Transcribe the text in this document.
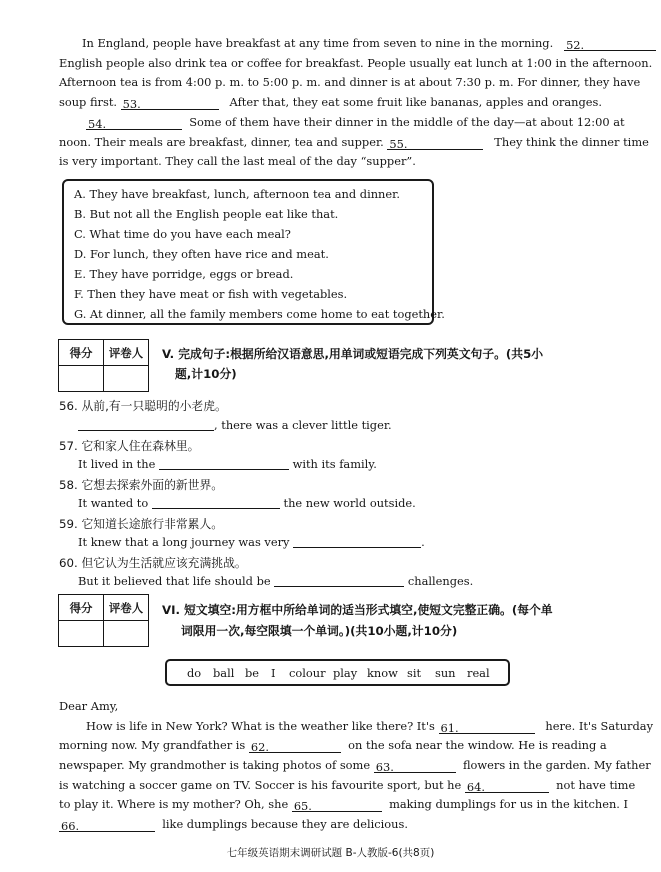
In England, people have breakfast at any time from seven to nine in the morning. 52.
English people also drink tea or coffee for breakfast. People usually eat lunch at 1:00 in the afternoon.
Afternoon tea is from 4:00 p. m. to 5:00 p. m. and dinner is at about 7:30 p. m. For dinner, they have
soup first. 53.	After that, they eat some fruit like bananas, apples and oranges.
54.	Some of them have their dinner in the middle of the day—at about 12:00 at
noon. Their meals are breakfast, dinner, tea and supper. 55.	They think the dinner time
is very important. They call the last meal of the day “supper”.
A. They have breakfast, lunch, afternoon tea and dinner.
B. But not all the English people eat like that.
C. What time do you have each meal?
D. For lunch, they often have rice and meat.
E. They have porridge, eggs or bread.
F. Then they have meat or fish with vegetables.
G. At dinner, all the family members come home to eat together.
得分	评卷人
	V. 完成句子:根据所给汉语意思,用单词或短语完成下列英文句子。(共5小
题,计10分)
56. 从前,有一只聪明的小老虎。
, there was a clever little tiger.
57. 它和家人住在森林里。
It lived in the	with its family.
58. 它想去探索外面的新世界。
It wanted to	the new world outside.
59. 它知道长途旅行非常累人。
It knew that a long journey was very	.
60. 但它认为生活就应该充满挑战。
But it believed that life should be	challenges.
得分	评卷人
	VI. 短文填空:用方框中所给单词的适当形式填空,使短文完整正确。(每个单
词限用一次,每空限填一个单词。)(共10小题,计10分)
do ball be I colour play know sit sun real
Dear Amy,
How is life in New York? What is the weather like there? It's 61.	here. It's Saturday
morning now. My grandfather is 62.	on the sofa near the window. He is reading a
newspaper. My grandmother is taking photos of some 63.	flowers in the garden. My father
is watching a soccer game on TV. Soccer is his favourite sport, but he 64.	not have time
to play it. Where is my mother? Oh, she 65.	making dumplings for us in the kitchen. I
66.	like dumplings because they are delicious.
七年级英语期末调研试题 B-人教版-6(共8页)
